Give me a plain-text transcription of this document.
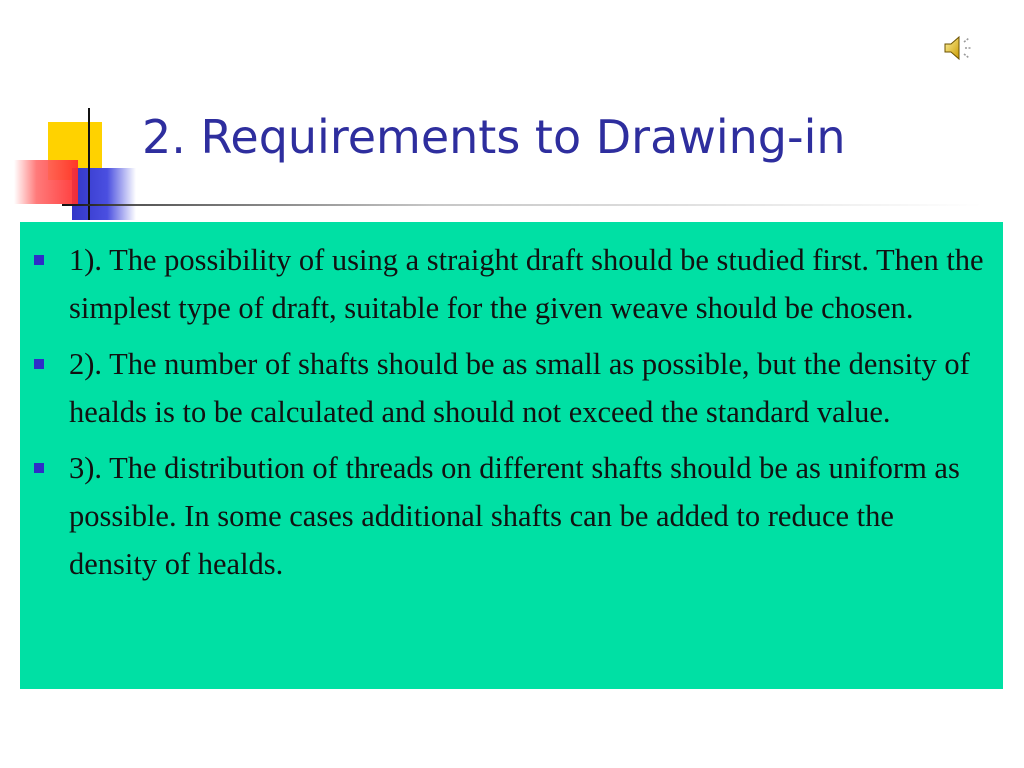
2. Requirements to Drawing-in
1). The possibility of using a straight draft should be studied first. Then the simplest type of draft, suitable for the given weave should be chosen.
2). The number of shafts should be as small as possible, but the density of healds is to be calculated and should not exceed the standard value.
3). The distribution of threads on different shafts should be as uniform as possible. In some cases additional shafts can be added to reduce the density of healds.
